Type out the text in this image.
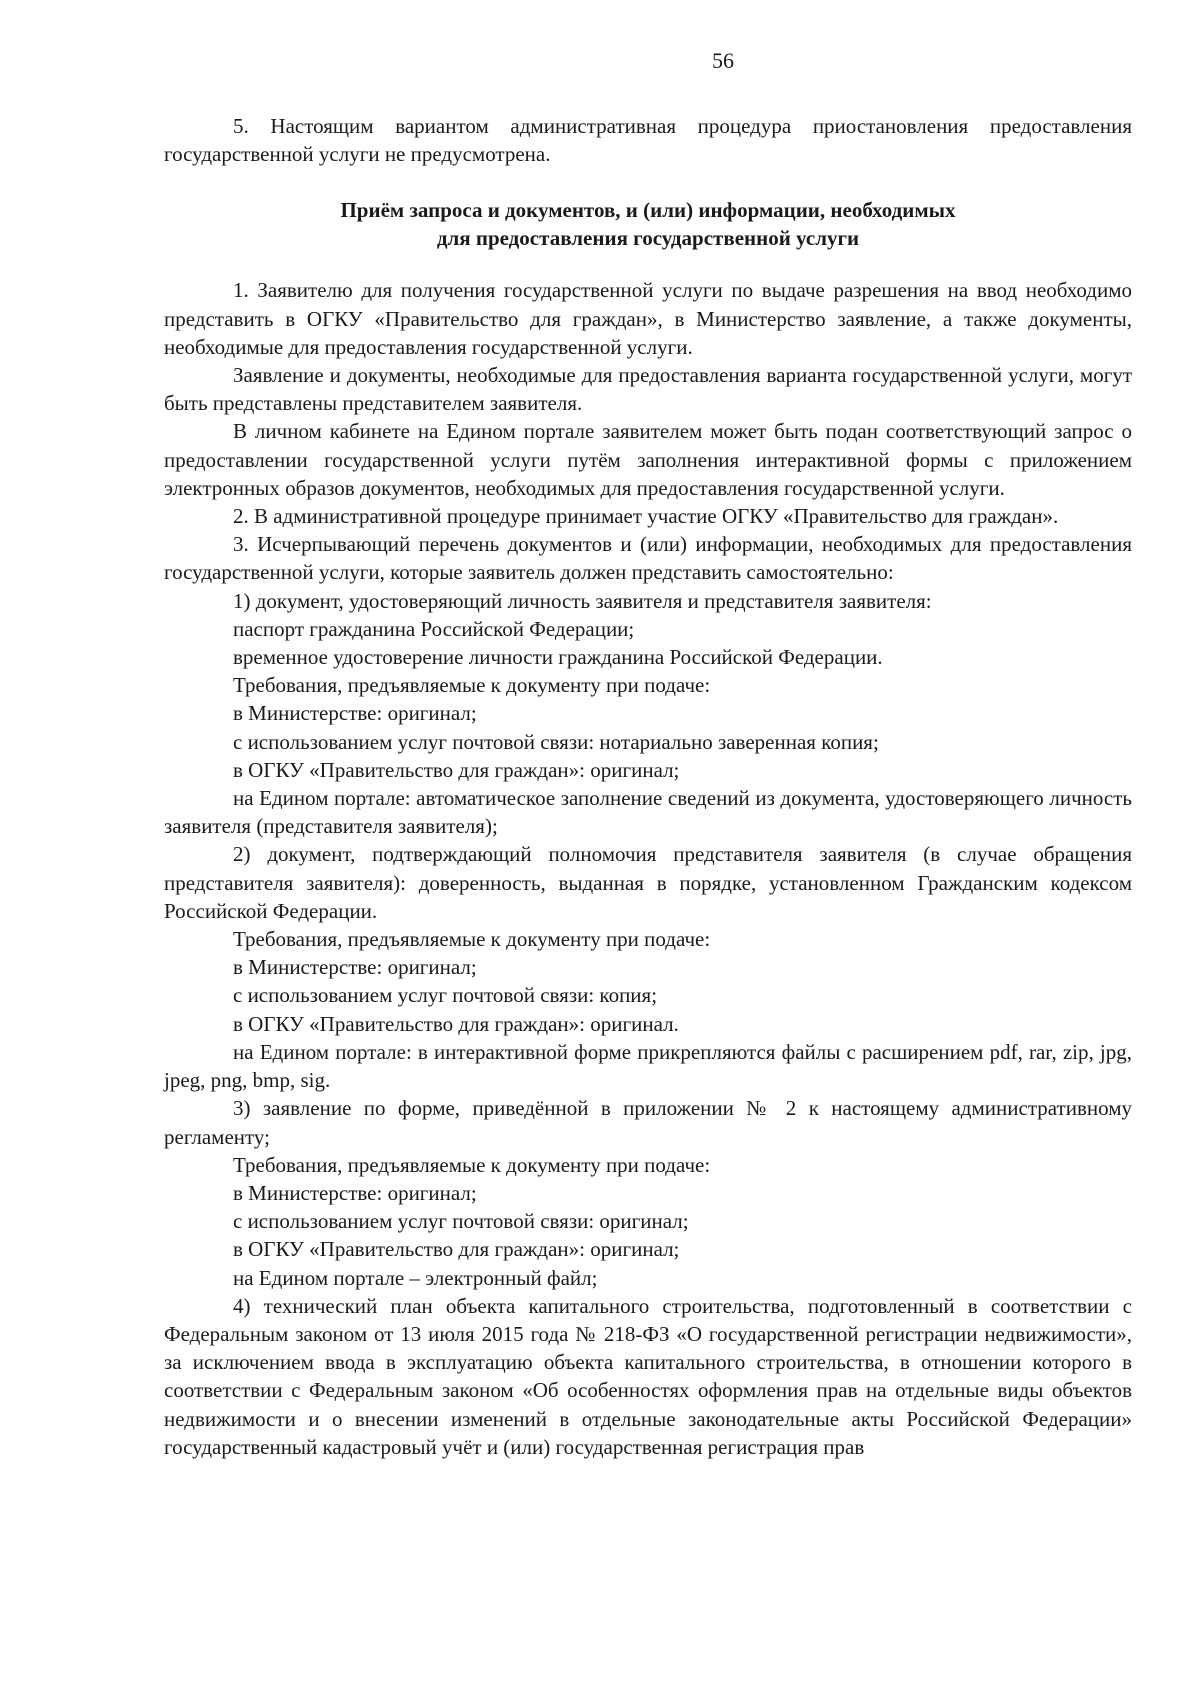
56

5. Настоящим вариантом административная процедура приостановления предоставления государственной услуги не предусмотрена.

Приём запроса и документов, и (или) информации, необходимых
для предоставления государственной услуги

1. Заявителю для получения государственной услуги по выдаче разрешения на ввод необходимо представить в ОГКУ «Правительство для граждан», в Министерство заявление, а также документы, необходимые для предоставления государственной услуги.

Заявление и документы, необходимые для предоставления варианта государственной услуги, могут быть представлены представителем заявителя.

В личном кабинете на Едином портале заявителем может быть подан соответствующий запрос о предоставлении государственной услуги путём заполнения интерактивной формы с приложением электронных образов документов, необходимых для предоставления государственной услуги.

2. В административной процедуре принимает участие ОГКУ «Правительство для граждан».

3. Исчерпывающий перечень документов и (или) информации, необходимых для предоставления государственной услуги, которые заявитель должен представить самостоятельно:

1) документ, удостоверяющий личность заявителя и представителя заявителя:

паспорт гражданина Российской Федерации;

временное удостоверение личности гражданина Российской Федерации.

Требования, предъявляемые к документу при подаче:

в Министерстве: оригинал;

с использованием услуг почтовой связи: нотариально заверенная копия;

в ОГКУ «Правительство для граждан»: оригинал;

на Едином портале: автоматическое заполнение сведений из документа, удостоверяющего личность заявителя (представителя заявителя);

2) документ, подтверждающий полномочия представителя заявителя (в случае обращения представителя заявителя): доверенность, выданная в порядке, установленном Гражданским кодексом Российской Федерации.

Требования, предъявляемые к документу при подаче:

в Министерстве: оригинал;

с использованием услуг почтовой связи: копия;

в ОГКУ «Правительство для граждан»: оригинал.

на Едином портале: в интерактивной форме прикрепляются файлы с расширением pdf, rar, zip, jpg, jpeg, png, bmp, sig.

3) заявление по форме, приведённой в приложении № 2 к настоящему административному регламенту;

Требования, предъявляемые к документу при подаче:

в Министерстве: оригинал;

с использованием услуг почтовой связи: оригинал;

в ОГКУ «Правительство для граждан»: оригинал;

на Едином портале – электронный файл;

4) технический план объекта капитального строительства, подготовленный в соответствии с Федеральным законом от 13 июля 2015 года № 218-ФЗ «О государственной регистрации недвижимости», за исключением ввода в эксплуатацию объекта капитального строительства, в отношении которого в соответствии с Федеральным законом «Об особенностях оформления прав на отдельные виды объектов недвижимости и о внесении изменений в отдельные законодательные акты Российской Федерации» государственный кадастровый учёт и (или) государственная регистрация прав
